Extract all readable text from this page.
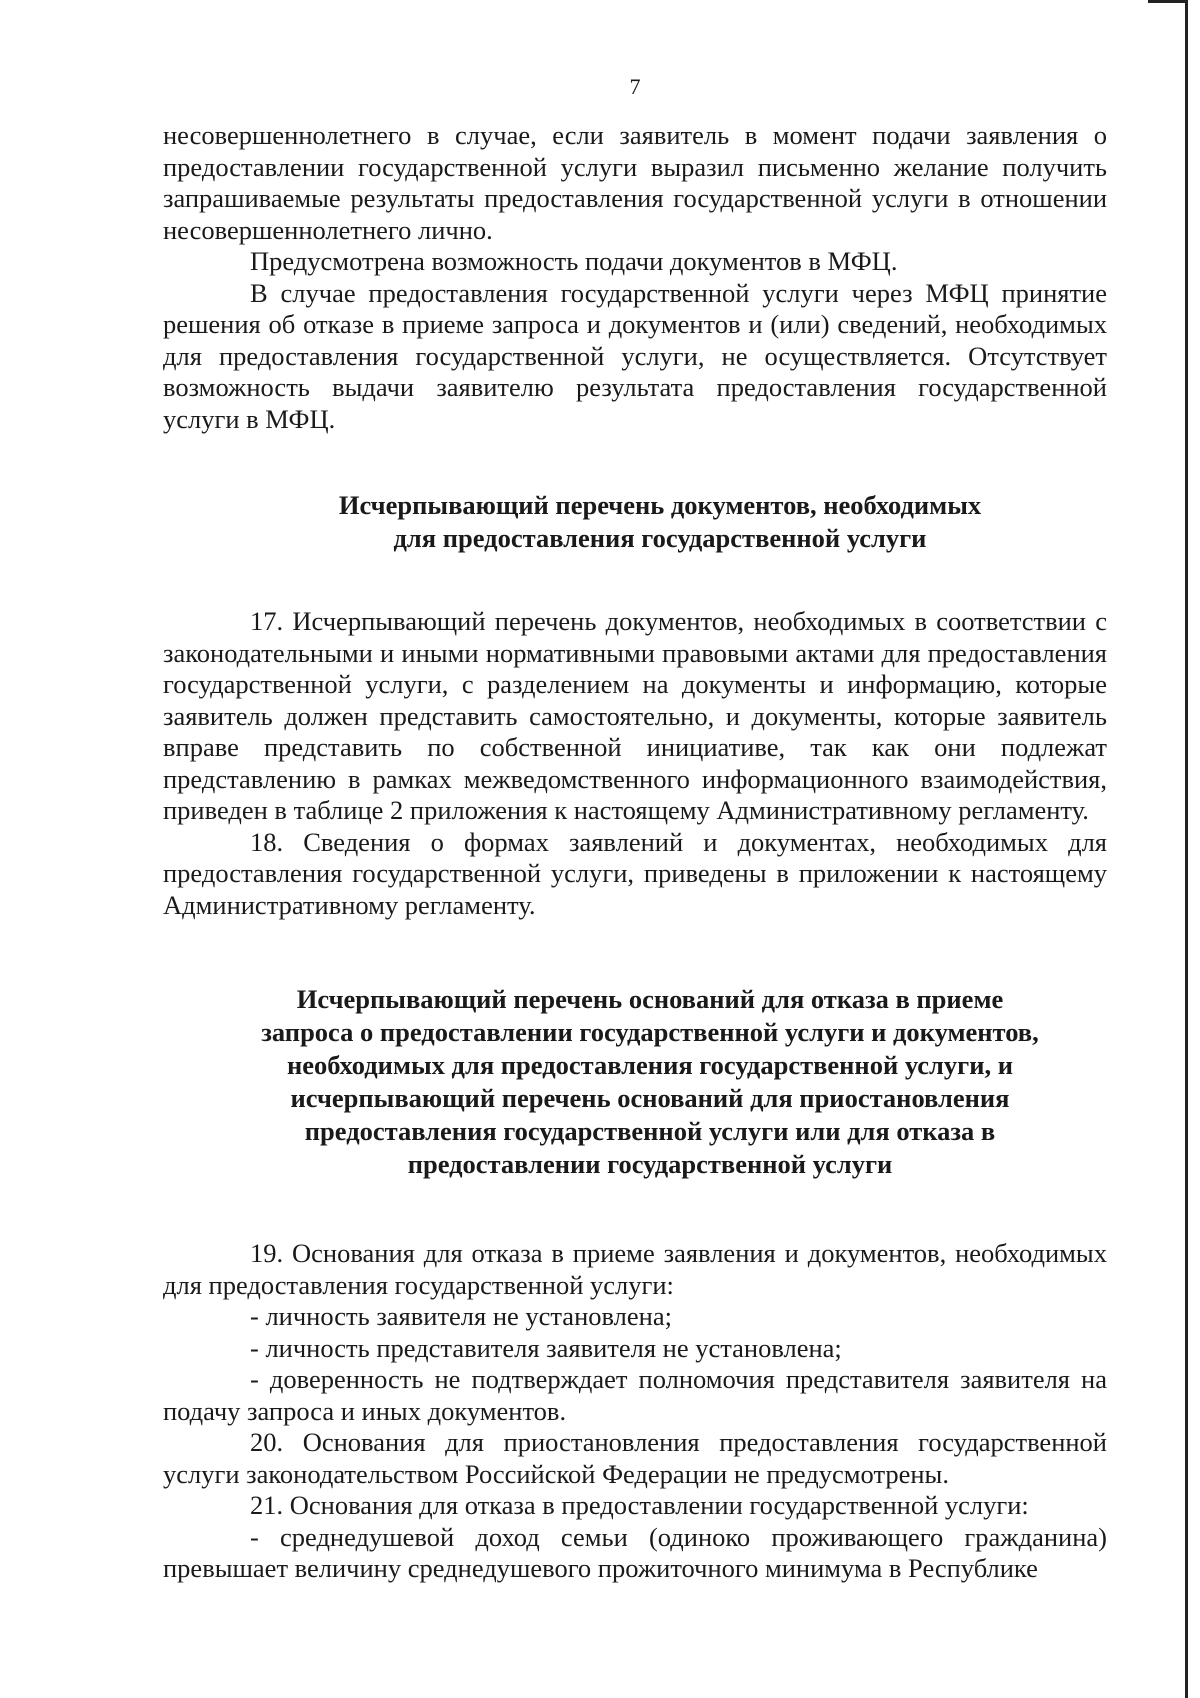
7

несовершеннолетнего в случае, если заявитель в момент подачи заявления о предоставлении государственной услуги выразил письменно желание получить запрашиваемые результаты предоставления государственной услуги в отношении несовершеннолетнего лично.

Предусмотрена возможность подачи документов в МФЦ.

В случае предоставления государственной услуги через МФЦ принятие решения об отказе в приеме запроса и документов и (или) сведений, необходимых для предоставления государственной услуги, не осуществляется. Отсутствует возможность выдачи заявителю результата предоставления государственной услуги в МФЦ.

Исчерпывающий перечень документов, необходимых
для предоставления государственной услуги

17. Исчерпывающий перечень документов, необходимых в соответствии с законодательными и иными нормативными правовыми актами для предоставления государственной услуги, с разделением на документы и информацию, которые заявитель должен представить самостоятельно, и документы, которые заявитель вправе представить по собственной инициативе, так как они подлежат представлению в рамках межведомственного информационного взаимодействия, приведен в таблице 2 приложения к настоящему Административному регламенту.

18. Сведения о формах заявлений и документах, необходимых для предоставления государственной услуги, приведены в приложении к настоящему Административному регламенту.

Исчерпывающий перечень оснований для отказа в приеме
запроса о предоставлении государственной услуги и документов,
необходимых для предоставления государственной услуги, и
исчерпывающий перечень оснований для приостановления
предоставления государственной услуги или для отказа в
предоставлении государственной услуги

19. Основания для отказа в приеме заявления и документов, необходимых для предоставления государственной услуги:

- личность заявителя не установлена;

- личность представителя заявителя не установлена;

- доверенность не подтверждает полномочия представителя заявителя на подачу запроса и иных документов.

20. Основания для приостановления предоставления государственной услуги законодательством Российской Федерации не предусмотрены.

21. Основания для отказа в предоставлении государственной услуги:

- среднедушевой доход семьи (одиноко проживающего гражданина) превышает величину среднедушевого прожиточного минимума в Республике
